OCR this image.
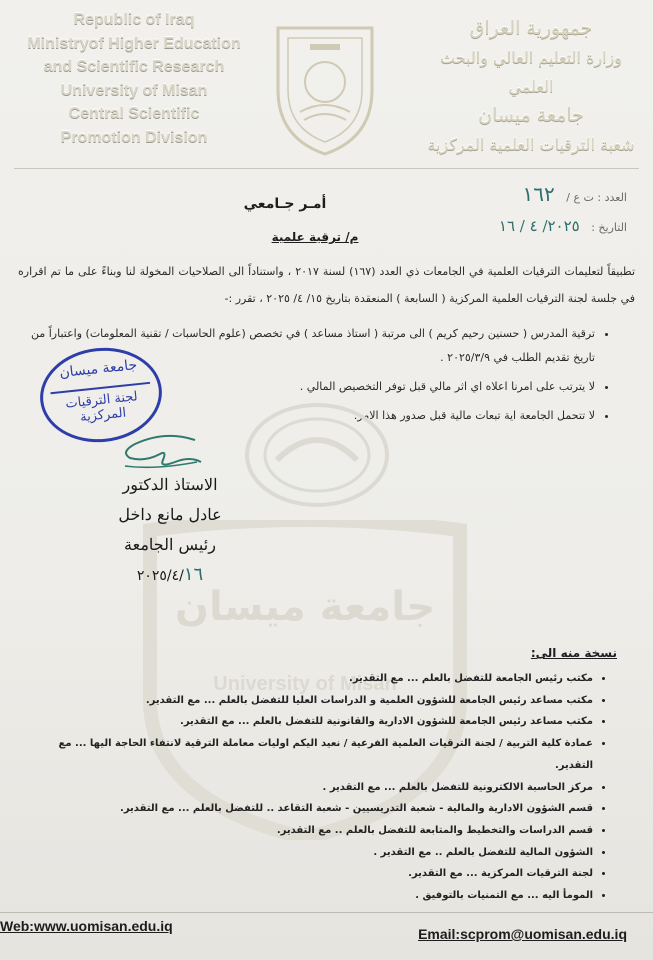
Republic of Iraq
Ministryof Higher Education
and Scientific Research
University of Misan
Central Scientific
Promotion Division
جمهورية العراق
وزارة التعليم العالي والبحث العلمي
جامعة ميسان
شعبة الترقيات العلمية المركزية
العدد : ت ع / ١٦٢
التاريخ : ٢٠٢٥/ ٤ / ١٦
أمـر جـامعي
م/ ترقية علمية
تطبيقاً لتعليمات الترقيات العلمية في الجامعات ذي العدد (١٦٧) لسنة ٢٠١٧ ، واستناداً الى الصلاحيات المخولة لنا وبناءً على ما تم اقراره في جلسة لجنة الترقيات العلمية المركزية ( السابعة ) المنعقدة بتاريخ ١٥/ ٤/ ٢٠٢٥ ، تقرر :-
• ترقية المدرس ( حسنين رحيم كريم ) الى مرتبة ( استاذ مساعد ) في تخصص (علوم الحاسبات / تقنية المعلومات) واعتباراً من تاريخ تقديم الطلب في ٢٠٢٥/٣/٩ .
• لا يترتب على امرنا اعلاه اي اثر مالي قبل توفر التخصيص المالي .
• لا تتحمل الجامعة اية تبعات مالية قبل صدور هذا الامر.
جامعة ميسان
University of Misan
جامعة ميسان
لجنة الترقيات المركزية
الاستاذ الدكتور
عادل مانع داخل
رئيس الجامعة
٢٠٢٥/٤/١٦
نسخة منه الى:
• مكتب رئيس الجامعة للتفضل بالعلم ... مع التقدير.
• مكتب مساعد رئيس الجامعة للشؤون العلمية و الدراسات العليا للتفضل بالعلم ... مع التقدير.
• مكتب مساعد رئيس الجامعة للشؤون الادارية والقانونية للتفضل بالعلم ... مع التقدير.
• عمادة كلية التربية / لجنة الترقيات العلمية الفرعية / نعيد اليكم اوليات معاملة الترقية لانتفاء الحاجة اليها ... مع التقدير.
• مركز الحاسبة الالكترونية للتفضل بالعلم ... مع التقدير .
• قسم الشؤون الادارية والمالية - شعبة التدريسيين - شعبة التقاعد .. للتفضل بالعلم ... مع التقدير.
• قسم الدراسات والتخطيط والمتابعة للتفضل بالعلم .. مع التقدير.
• الشؤون المالية للتفضل بالعلم .. مع التقدير .
• لجنة الترقيات المركزية ... مع التقدير.
• المومأ اليه ... مع التمنيات بالتوفيق .
Web:www.uomisan.edu.iq	Email:scprom@uomisan.edu.iq
